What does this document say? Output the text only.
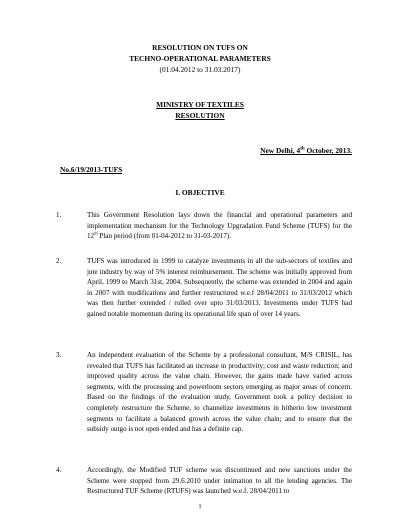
RESOLUTION ON TUFS ON
TECHNO-OPERATIONAL PARAMETERS
(01.04.2012 to 31.03.2017)
MINISTRY OF TEXTILES
RESOLUTION
New Delhi, 4th October, 2013.
No.6/19/2013-TUFS
I. OBJECTIVE
1.	This Government Resolution lays down the financial and operational parameters and implementation mechanism for the Technology Upgradation Fund Scheme (TUFS) for the 12th Plan period (from 01-04-2012 to 31-03-2017).
2.	TUFS was introduced in 1999 to catalyze investments in all the sub-sectors of textiles and jute industry by way of 5% interest reimbursement. The scheme was initially approved from April, 1999 to March 31st, 2004. Subsequently, the scheme was extended in 2004 and again in 2007 with modifications and further restructured w.e.f 28/04/2011 to 31/03/2012 which was then further extended / rolled over upto 31/03/2013. Investments under TUFS had gained notable momentum during its operational life span of over 14 years.
3.	An independent evaluation of the Scheme by a professional consultant, M/S CRISIL, has revealed that TUFS has facilitated an increase in productivity; cost and waste reduction; and improved quality across the value chain. However, the gains made have varied across segments, with the processing and powerloom sectors emerging as major areas of concern. Based on the findings of the evaluation study, Government took a policy decision to completely restructure the Scheme, to channelize investments in hitherto low investment segments to facilitate a balanced growth across the value chain; and to ensure that the subsidy outgo is not open ended and has a definite cap.
4.	Accordingly, the Modified TUF scheme was discontinued and new sanctions under the Scheme were stopped from 29.6.2010 under intimation to all the lending agencies. The Restructured TUF Scheme (RTUFS) was launched w.e.f. 28/04/2011 to
1
